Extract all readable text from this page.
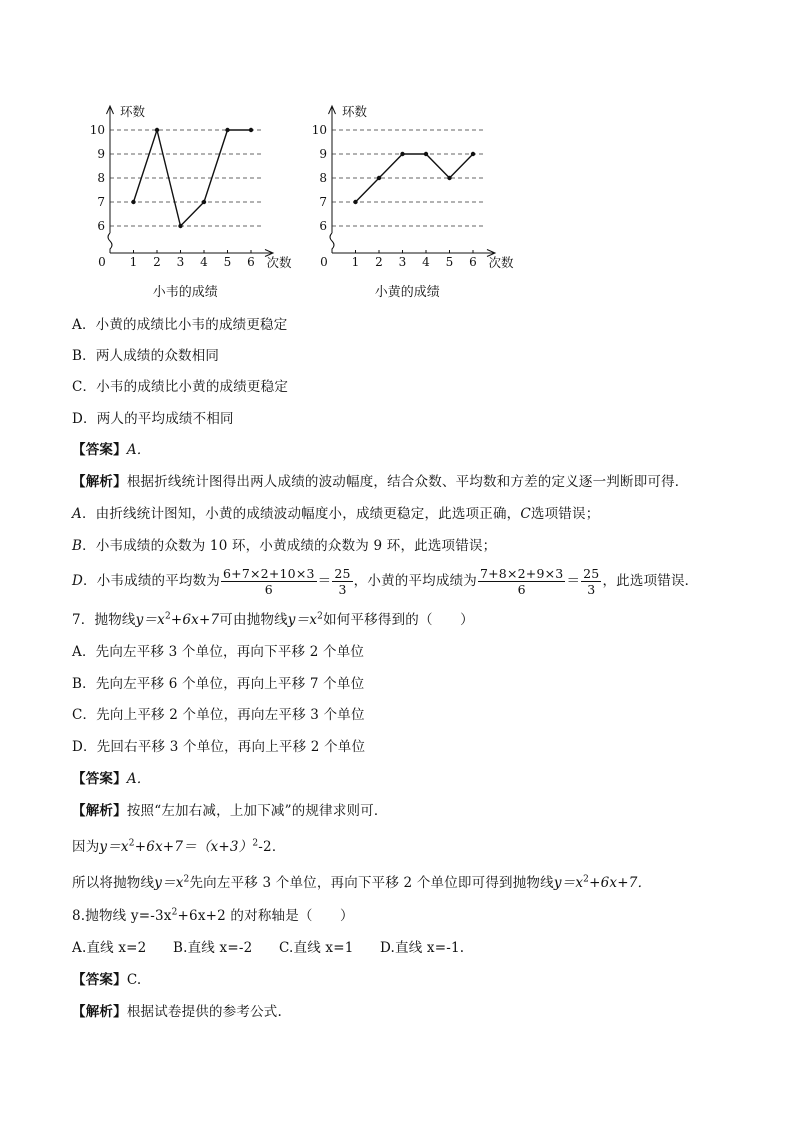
6
7
8
9
10
0 1 2 3 4 5 6
环数
次数
小韦的成绩
6
7
8
9
10
0 1 2 3 4 5 6
环数
次数
小黄的成绩
A．小黄的成绩比小韦的成绩更稳定
B．两人成绩的众数相同
C．小韦的成绩比小黄的成绩更稳定
D．两人的平均成绩不相同
【答案】A．
【解析】根据折线统计图得出两人成绩的波动幅度，结合众数、平均数和方差的定义逐一判断即可得．
A．由折线统计图知，小黄的成绩波动幅度小，成绩更稳定，此选项正确，C选项错误；
B．小韦成绩的众数为 10 环，小黄成绩的众数为 9 环，此选项错误；
D．小韦成绩的平均数为 $\frac{6+7\times 2+10\times 3}{6} = \frac{25}{3}$ ，小黄的平均成绩为 $\frac{7+8\times 2+9\times 3}{6} = \frac{25}{3}$ ，此选项错误．
7．抛物线$y=x^2+6x+7$可由抛物线$y=x^2$如何平移得到的（　　）
A．先向左平移 3 个单位，再向下平移 2 个单位
B．先向左平移 6 个单位，再向上平移 7 个单位
C．先向上平移 2 个单位，再向左平移 3 个单位
D．先回右平移 3 个单位，再向上平移 2 个单位
【答案】A．
【解析】按照“左加右减，上加下减”的规律求则可．
因为$y=x^2+6x+7=(x+3)^2-2$．
所以将抛物线$y=x^2$先向左平移 3 个单位，再向下平移 2 个单位即可得到抛物线$y=x^2+6x+7$．
8.抛物线 $y=-3x^2+6x+2$ 的对称轴是（　　）
A.直线 x=2 B.直线 x=-2 C.直线 x=1 D.直线 x=-1.
【答案】C.
【解析】根据试卷提供的参考公式.
